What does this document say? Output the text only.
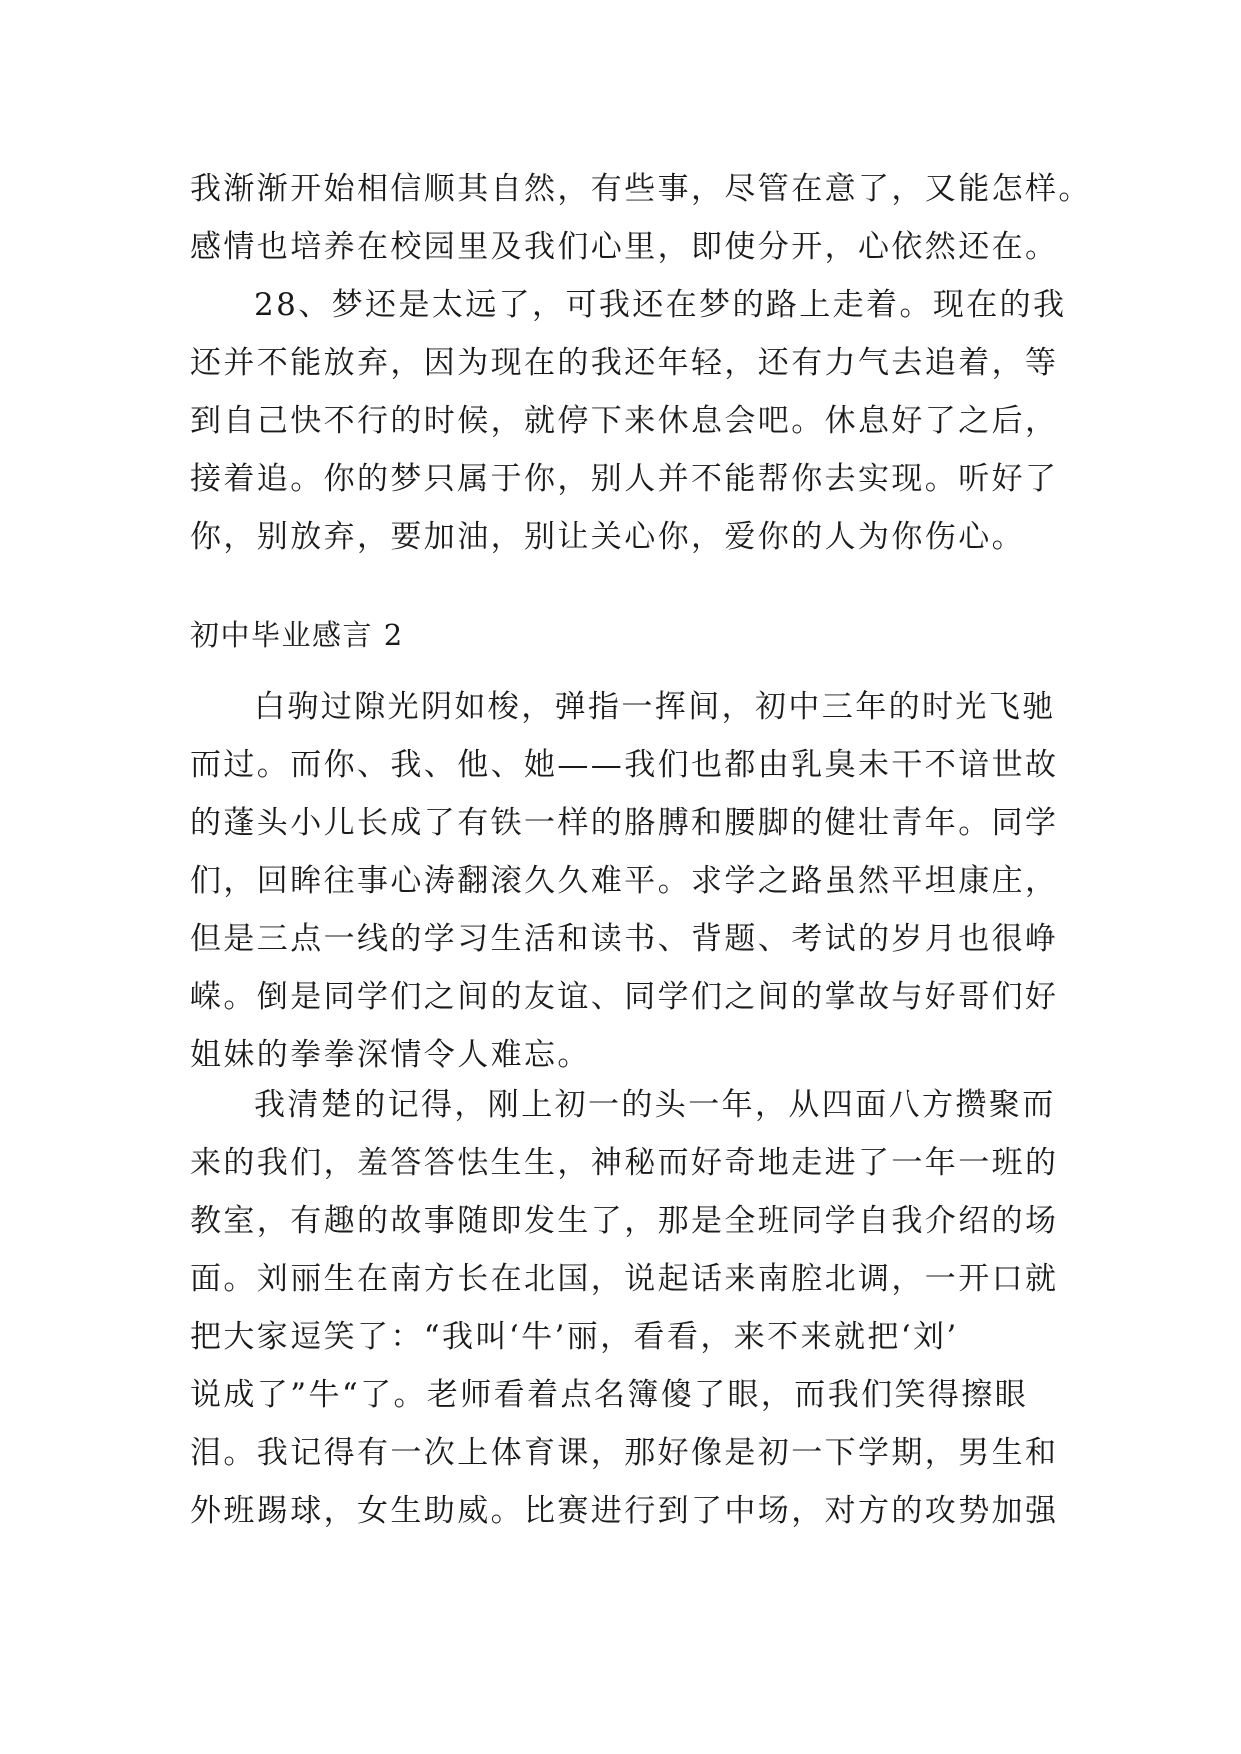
我渐渐开始相信顺其自然，有些事，尽管在意了，又能怎样。
感情也培养在校园里及我们心里，即使分开，心依然还在。
28、梦还是太远了，可我还在梦的路上走着。现在的我
还并不能放弃，因为现在的我还年轻，还有力气去追着，等
到自己快不行的时候，就停下来休息会吧。休息好了之后，
接着追。你的梦只属于你，别人并不能帮你去实现。听好了
你，别放弃，要加油，别让关心你，爱你的人为你伤心。
初中毕业感言 2
白驹过隙光阴如梭，弹指一挥间，初中三年的时光飞驰
而过。而你、我、他、她——我们也都由乳臭未干不谙世故
的蓬头小儿长成了有铁一样的胳膊和腰脚的健壮青年。同学
们，回眸往事心涛翻滚久久难平。求学之路虽然平坦康庄，
但是三点一线的学习生活和读书、背题、考试的岁月也很峥
嵘。倒是同学们之间的友谊、同学们之间的掌故与好哥们好
姐妹的拳拳深情令人难忘。
我清楚的记得，刚上初一的头一年，从四面八方攒聚而
来的我们，羞答答怯生生，神秘而好奇地走进了一年一班的
教室，有趣的故事随即发生了，那是全班同学自我介绍的场
面。刘丽生在南方长在北国，说起话来南腔北调，一开口就
把大家逗笑了：“我叫‘牛’丽，看看，来不来就把‘刘’
说成了”牛“了。老师看着点名簿傻了眼，而我们笑得擦眼
泪。我记得有一次上体育课，那好像是初一下学期，男生和
外班踢球，女生助威。比赛进行到了中场，对方的攻势加强
